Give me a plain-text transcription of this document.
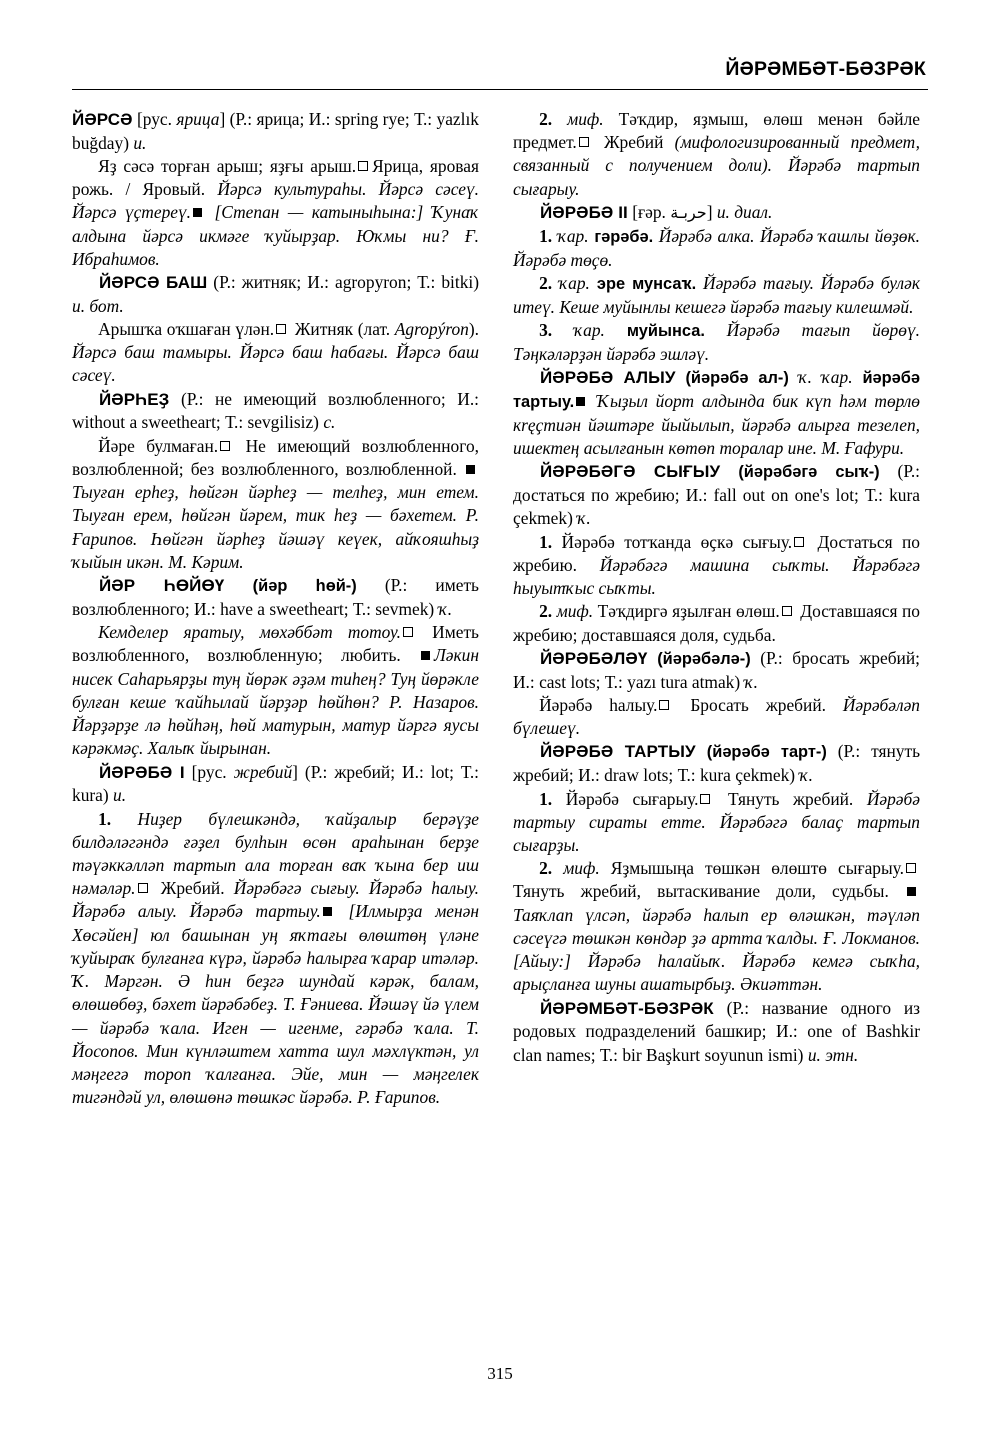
ЙӘРӘМБӘТ-БӘЗРӘК

ЙӘРСӘ [рус. ярица] (Р.: ярица; И.: spring rye; Т.: yazlık buğday) и.

Яҙ сәсә торған арыш; яҙғы арыш. Ярица, яровая рожь. / Яровый. Йәрсә культураһы. Йәрсә сәсеү. Йәрсә үҫтереү. [Степан — катыныһына:] Ҡунаҡ алдына йәрсә икмәге ҡуйырҙар. Юҡмы ни? Ғ. Ибраһимов.

ЙӘРСӘ БАШ (Р.: житняк; И.: agropyron; Т.: bitki) и. бот.

Арышҡа оҡшаған үлән. Житняк (лат. Agropýron). Йәрсә баш тамыры. Йәрсә баш һабағы. Йәрсә баш сәсеү.

ЙӘРҺЕҘ (Р.: не имеющий возлюбленного; И.: without a sweetheart; Т.: sevgilisiz) с.

Йәре булмаған. Не имеющий возлюбленного, возлюбленной; без возлюбленного, возлюбленной. Тыуған ерһеҙ, һөйгән йәрһеҙ — телһеҙ, мин етем. Тыуған ерем, һөйгән йәрем, тик һеҙ — бәхетем. Р. Ғарипов. Һөйгән йәрһеҙ йәшәү кеүек, айҡояшһыҙ ҡыйын икән. М. Кәрим.

ЙӘР ҺӨЙӨҮ (йәр һөй-) (Р.: иметь возлюбленного; И.: have a sweetheart; Т.: sevmek) ҡ.

Кемделер яратыу, мөхәббәт тотоу. Иметь возлюбленного, возлюбленную; любить. Ләкин нисек Саһарьярҙы туң йөрәк әҙәм тиһең? Туң йөрәкле булған кеше ҡайһылай йәрҙәр һөйһөн? Р. Назаров. Йәрҙәрҙе лә һөйһәң, һөй матурын, матур йәргә яусы кәрәкмәҫ. Халыҡ йырынан.

ЙӘРӘБӘ I [рус. жребий] (Р.: жребий; И.: lot; Т.: kura) и.

1. Ниҙер бүлешкәндә, ҡайҙалыр берәүҙе билдәләгәндә ғәҙел булһын өсөн араһынан берҙе тәүәккәлләп тартып ала торған ваҡ ҡына бер иш нәмәләр. Жребий. Йәрәбәгә сығыу. Йәрәбә һалыу. Йәрәбә алыу. Йәрәбә тартыу. [Илмырҙа менән Хөсәйен] юл башынан уң яҡтағы өлөштөң үләне ҡуйыраҡ булғанға күрә, йәрәбә һалырға ҡарар итәләр. Ҡ. Мәргән. Ә һин беҙгә шундай кәрәк, балам, өлөшөбөҙ, бәхет йәрәбәбеҙ. Т. Ғәниева. Йәшәү йә үлем — йәрәбә ҡала. Иген — игенме, гәрәбә ҡала. Т. Йосопов. Мин күнләштем хатта шул мәхлүктән, ул мәңгегә тороп ҡалғанға. Эйе, мин — мәңгелек тигәндәй ул, өлөшөнә төшкәс йәрәбә. Р. Ғарипов.

2. миф. Тәҡдир, яҙмыш, өлөш менән бәйле предмет. Жребий (мифологизированный предмет, связанный с получением доли). Йәрәбә тартып сығарыу.

ЙӘРӘБӘ II [ғәр. حربـة] и. диал.

1. ҡар. гәрәбә. Йәрәбә алка. Йәрәбә ҡашлы йөҙөк. Йәрәбә төҫө.

2. ҡар. эре мунсаҡ. Йәрәбә тағыу. Йәрәбә буләк итеү. Кеше муйынлы кешегә йәрәбә тағыу килешмәй.

3. ҡар. муйынса. Йәрәбә тағып йөрөү. Тәңкәләрҙән йәрәбә эшләү.

ЙӘРӘБӘ АЛЫУ (йәрәбә ал-) ҡ. ҡар. йәрәбә тартыу. Ҡыҙыл йорт алдында бик күп һәм төрлө кręҫтиән йәштәре йыйылып, йәрәбә алырға тезелеп, ишектең асылғанын көтөп торалар ине. М. Ғафури.

ЙӘРӘБӘГӘ СЫҒЫУ (йәрәбәгә сыҡ-) (Р.: достаться по жребию; И.: fall out on one's lot; Т.: kura çekmek) ҡ.

1. Йәрәбә тотҡанда өҫкә сығыу. Достаться по жребию. Йәрәбәгә машина сыҡты. Йәрәбәгә һыуытҡыс сыҡты.

2. миф. Тәҡдиргә яҙылған өлөш. Доставшаяся по жребию; доставшаяся доля, судьба.

ЙӘРӘБӘЛӘҮ (йәрәбәлә-) (Р.: бросать жребий; И.: cast lots; Т.: yazı tura atmak) ҡ.

Йәрәбә һалыу. Бросать жребий. Йәрәбәләп бүлешеү.

ЙӘРӘБӘ ТАРТЫУ (йәрәбә тарт-) (Р.: тянуть жребий; И.: draw lots; Т.: kura çekmek) ҡ.

1. Йәрәбә сығарыу. Тянуть жребий. Йәрәбә тартыу сираты етте. Йәрәбәгә балаҫ тартып сығарҙы.

2. миф. Яҙмышыңа төшкән өлөштө сығарыу. Тянуть жребий, вытаскивание доли, судьбы. Таяҡлап үлсәп, йәрәбә һалып ер өләшкән, тәүләп сәсеүгә төшкән көндәр ҙә артта ҡалды. Ғ. Локманов. [Айыу:] Йәрәбә һалайыҡ. Йәрәбә кемгә сыҡһа, арыҫланға шуны ашатырбыҙ. Әкиәттән.

ЙӘРӘМБӘТ-БӘЗРӘК (Р.: название одного из родовых подразделений башкир; И.: one of Bashkir clan names; Т.: bir Başkurt soyunun ismi) и. этн.

315
